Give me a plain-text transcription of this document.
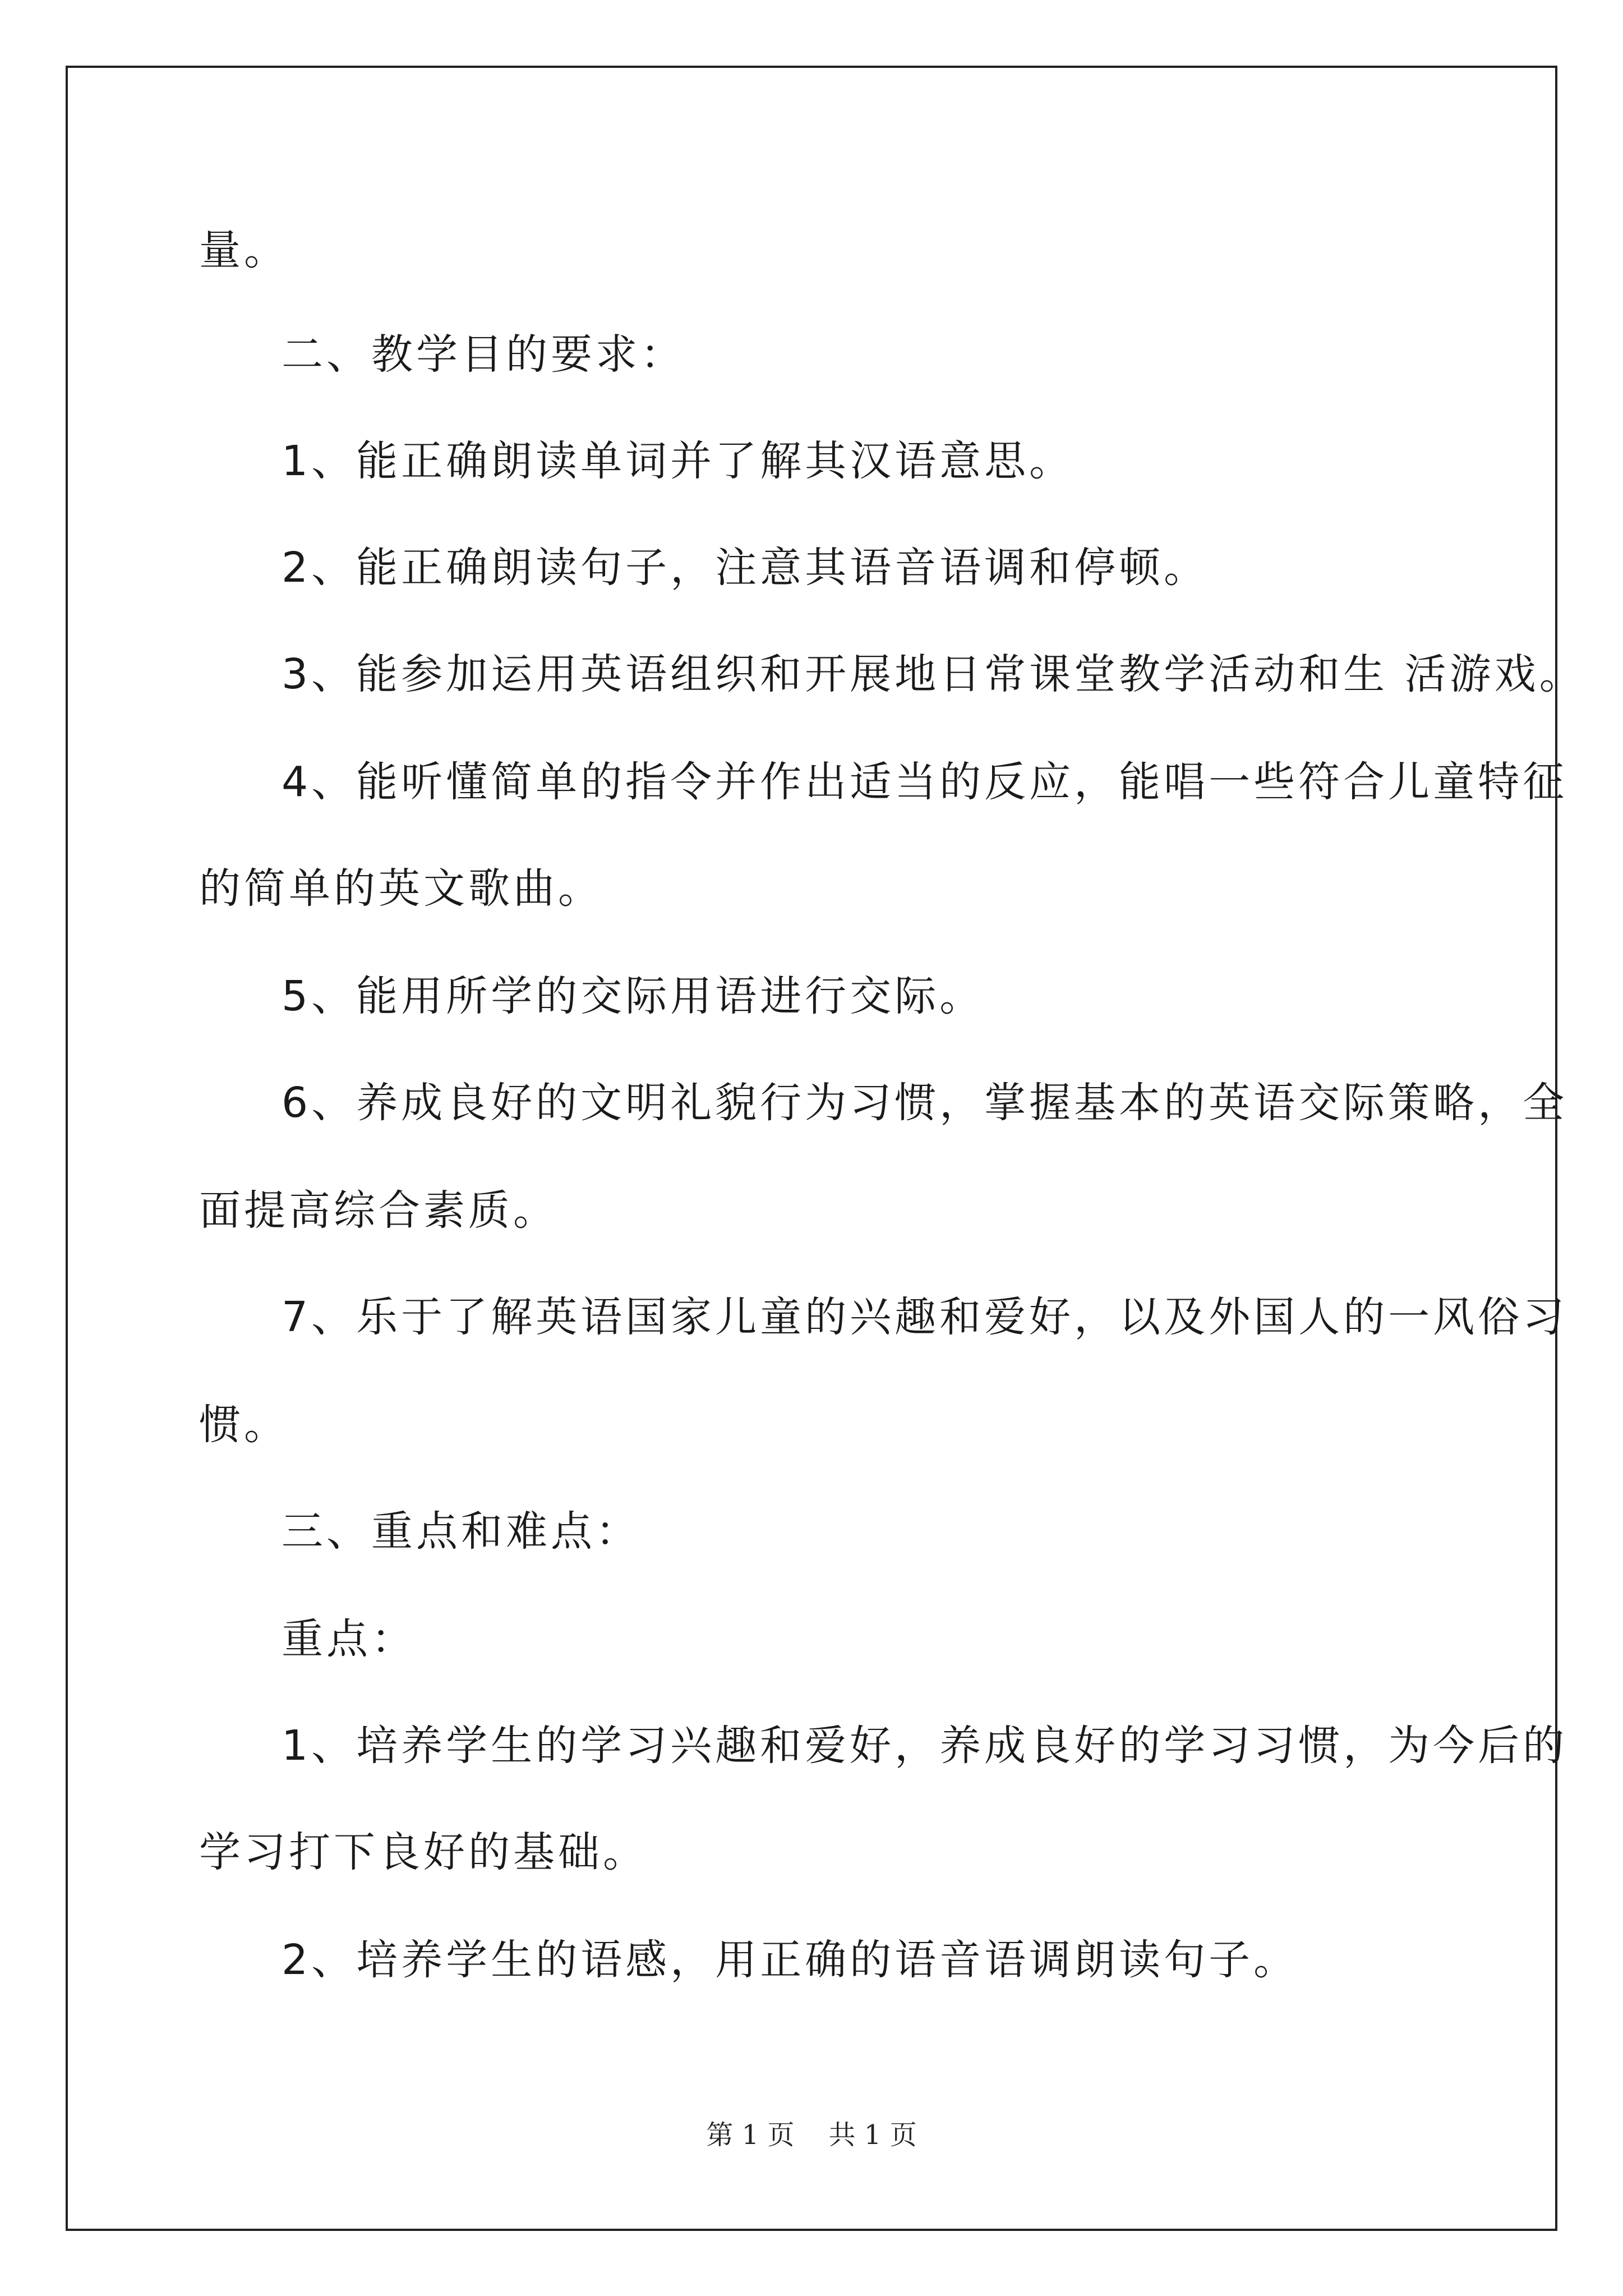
量。
二、教学目的要求：
1、能正确朗读单词并了解其汉语意思。
2、能正确朗读句子，注意其语音语调和停顿。
3、能参加运用英语组织和开展地日常课堂教学活动和生 活游戏。
4、能听懂简单的指令并作出适当的反应，能唱一些符合儿童特征
的简单的英文歌曲。
5、能用所学的交际用语进行交际。
6、养成良好的文明礼貌行为习惯，掌握基本的英语交际策略，全
面提高综合素质。
7、乐于了解英语国家儿童的兴趣和爱好，以及外国人的一风俗习
惯。
三、重点和难点：
重点：
1、培养学生的学习兴趣和爱好，养成良好的学习习惯，为今后的
学习打下良好的基础。
2、培养学生的语感，用正确的语音语调朗读句子。
第 1 页    共 1 页
